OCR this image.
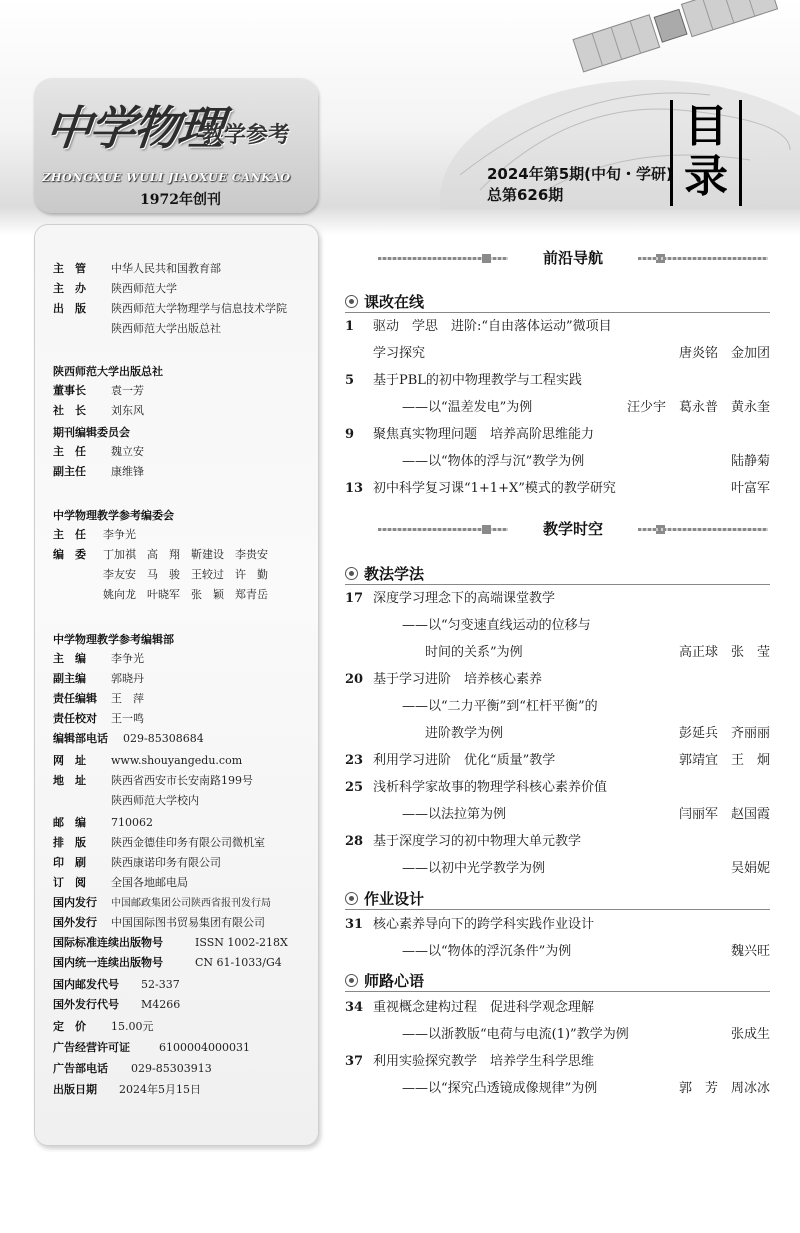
中学物理
教学参考
ZHONGXUE WULI JIAOXUE CANKAO
1972年创刊
2024年第5期(中旬・学研)
总第626期
目
录
主　管 中华人民共和国教育部
主　办 陕西师范大学
出　版 陕西师范大学物理学与信息技术学院
陕西师范大学出版总社
陕西师范大学出版总社
董事长 袁一芳
社　长 刘东风
期刊编辑委员会
主　任 魏立安
副主任 康维锋
中学物理教学参考编委会
主　任 李争光
编　委 丁加祺　高　翔　靳建设　李贵安
李友安　马　骏　王较过　许　勤
姚向龙　叶晓军　张　颖　郑青岳
中学物理教学参考编辑部
主　编 李争光
副主编 郭晓丹
责任编辑 王　萍
责任校对 王一鸣
编辑部电话 029-85308684
网　址 www.shouyangedu.com
地　址 陕西省西安市长安南路199号
陕西师范大学校内
邮　编 710062
排　版 陕西金德佳印务有限公司微机室
印　刷 陕西康诺印务有限公司
订　阅 全国各地邮电局
国内发行 中国邮政集团公司陕西省报刊发行局
国外发行 中国国际图书贸易集团有限公司
国际标准连续出版物号	ISSN 1002-218X
国内统一连续出版物号	CN 61-1033/G4
国内邮发代号 52-337
国外发行代号 M4266
定　价 15.00元
广告经营许可证	6100004000031
广告部电话 029-85303913
出版日期 2024年5月15日
前沿导航
课改在线
1 驱动　学思　进阶:“自由落体运动”微项目
学习探究	唐炎铭　金加团
5 基于PBL的初中物理教学与工程实践
——以“温差发电”为例	汪少宇　葛永普　黄永奎
9 聚焦真实物理问题　培养高阶思维能力
——以“物体的浮与沉”教学为例	陆静菊
13 初中科学复习课“1+1+X”模式的教学研究	叶富军
教学时空
教法学法
17 深度学习理念下的高端课堂教学
——以“匀变速直线运动的位移与
时间的关系”为例	高正球　张　莹
20 基于学习进阶　培养核心素养
——以“二力平衡”到“杠杆平衡”的
进阶教学为例	彭延兵　齐丽丽
23 利用学习进阶　优化“质量”教学	郭靖宜　王　炯
25 浅析科学家故事的物理学科核心素养价值
——以法拉第为例	闫丽军　赵国霞
28 基于深度学习的初中物理大单元教学
——以初中光学教学为例	吴娟妮
作业设计
31 核心素养导向下的跨学科实践作业设计
——以“物体的浮沉条件”为例	魏兴旺
师路心语
34 重视概念建构过程　促进科学观念理解
——以浙教版“电荷与电流(1)”教学为例	张成生
37 利用实验探究教学　培养学生科学思维
——以“探究凸透镜成像规律”为例	郭　芳　周冰冰
